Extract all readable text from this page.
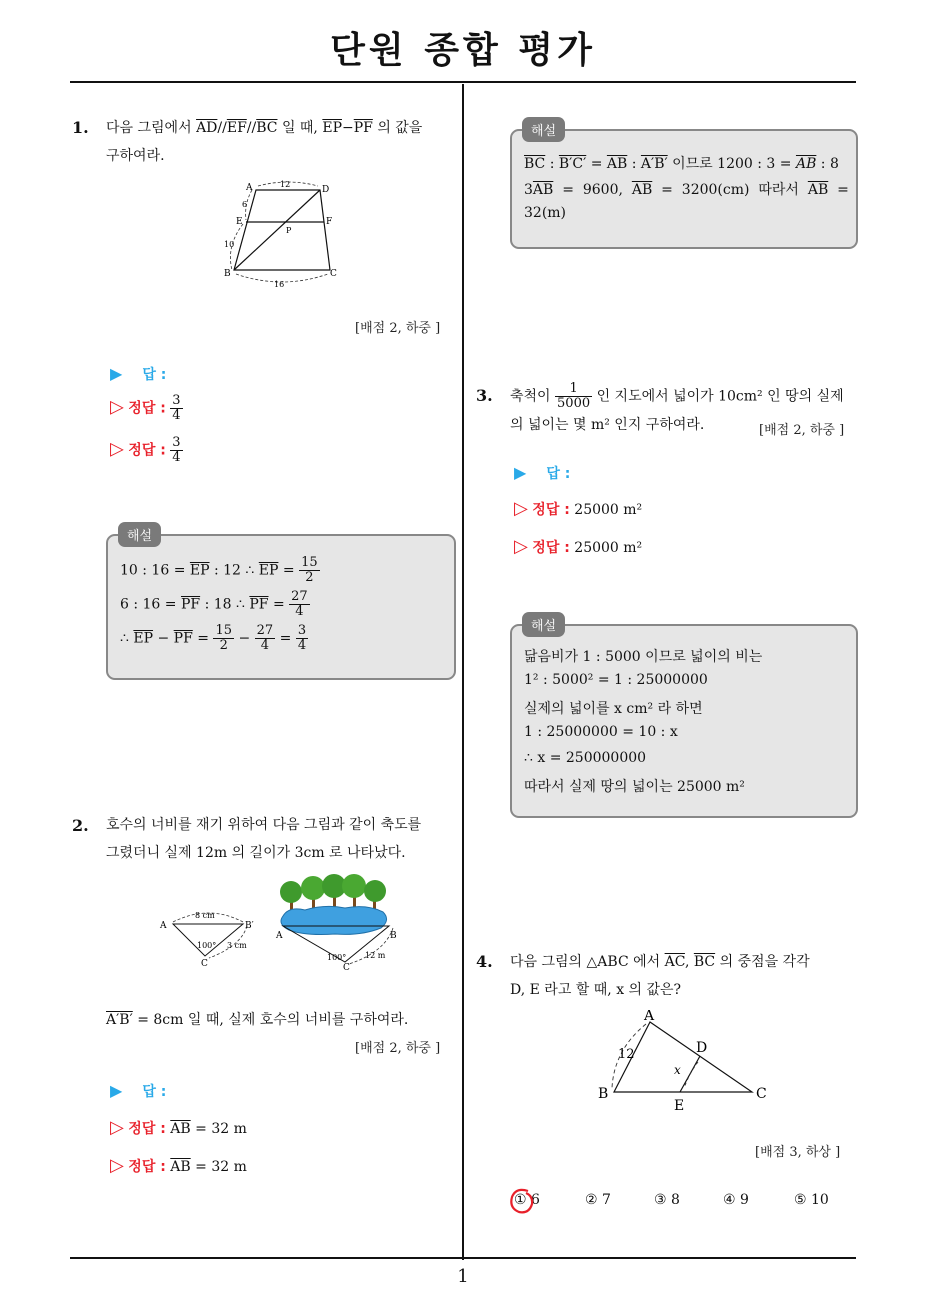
단원 종합 평가
1
1. 다음 그림에서 $\overline{AD}//\overline{EF}//\overline{BC}$ 일 때, $\overline{EP}-\overline{PF}$ 의 값을
구하여라.
A	D
E	F
P
B	C
12
6
10
16
[배점 2, 하중 ]
▶ 답 :
▷ 정답 : $\frac{3}{4}$
▷ 정답 : $\frac{3}{4}$
해설
10 : $16 = \overline{EP}$ : 12 ∴ $\overline{EP} = \frac{15}{2}$
6 : $16 = \overline{PF}$ : 18 ∴ $\overline{PF} = \frac{27}{4}$
∴ $\overline{EP} - \overline{PF} = \frac{15}{2} - \frac{27}{4} = \frac{3}{4}$
2. 호수의 너비를 재기 위하여 다음 그림과 같이 축도를
그렸더니 실제 12m 의 길이가 3cm 로 나타났다.
A	B′
C
8 cm
100° 3 cm
A	B
C
100° 12 m
A′B′ = 8cm 일 때, 실제 호수의 너비를 구하여라.
[배점 2, 하중 ]
▶ 답 :
▷ 정답 : $\overline{AB} = 32$ m
▷ 정답 : $\overline{AB} = 32$ m
해설
$\overline{BC}$ : $B'C' = \overline{AB}$ : A′B′ 이므로 1200 : $3 = \overline{AB}$ : 8
$3\overline{AB} = 9600$,  $\overline{AB} = 3200(cm)$  따라서  $\overline{AB}$  =
32(m)
3. 축척이 $\frac{1}{5000}$ 인 지도에서 넓이가 10cm² 인 땅의 실제
의 넓이는 몇 m² 인지 구하여라.	[배점 2, 하중 ]
▶ 답 :
▷ 정답 : 25000 m²
▷ 정답 : 25000 m²
해설
닮음비가 1 : 5000 이므로 넓이의 비는
1² : 5000² = 1 : 25000000
실제의 넓이를 x cm² 라 하면
1 : 25000000 = 10 : x
∴ x = 250000000
따라서 실제 땅의 넓이는 25000 m²
4. 다음 그림의 △ABC 에서 $\overline{AC}$, $\overline{BC}$ 의 중점을 각각
D, E 라고 할 때, x 의 값은?
A
B	C
D
E
12
x
[배점 3, 하상 ]
① 6	② 7	③ 8	④ 9	⑤ 10
